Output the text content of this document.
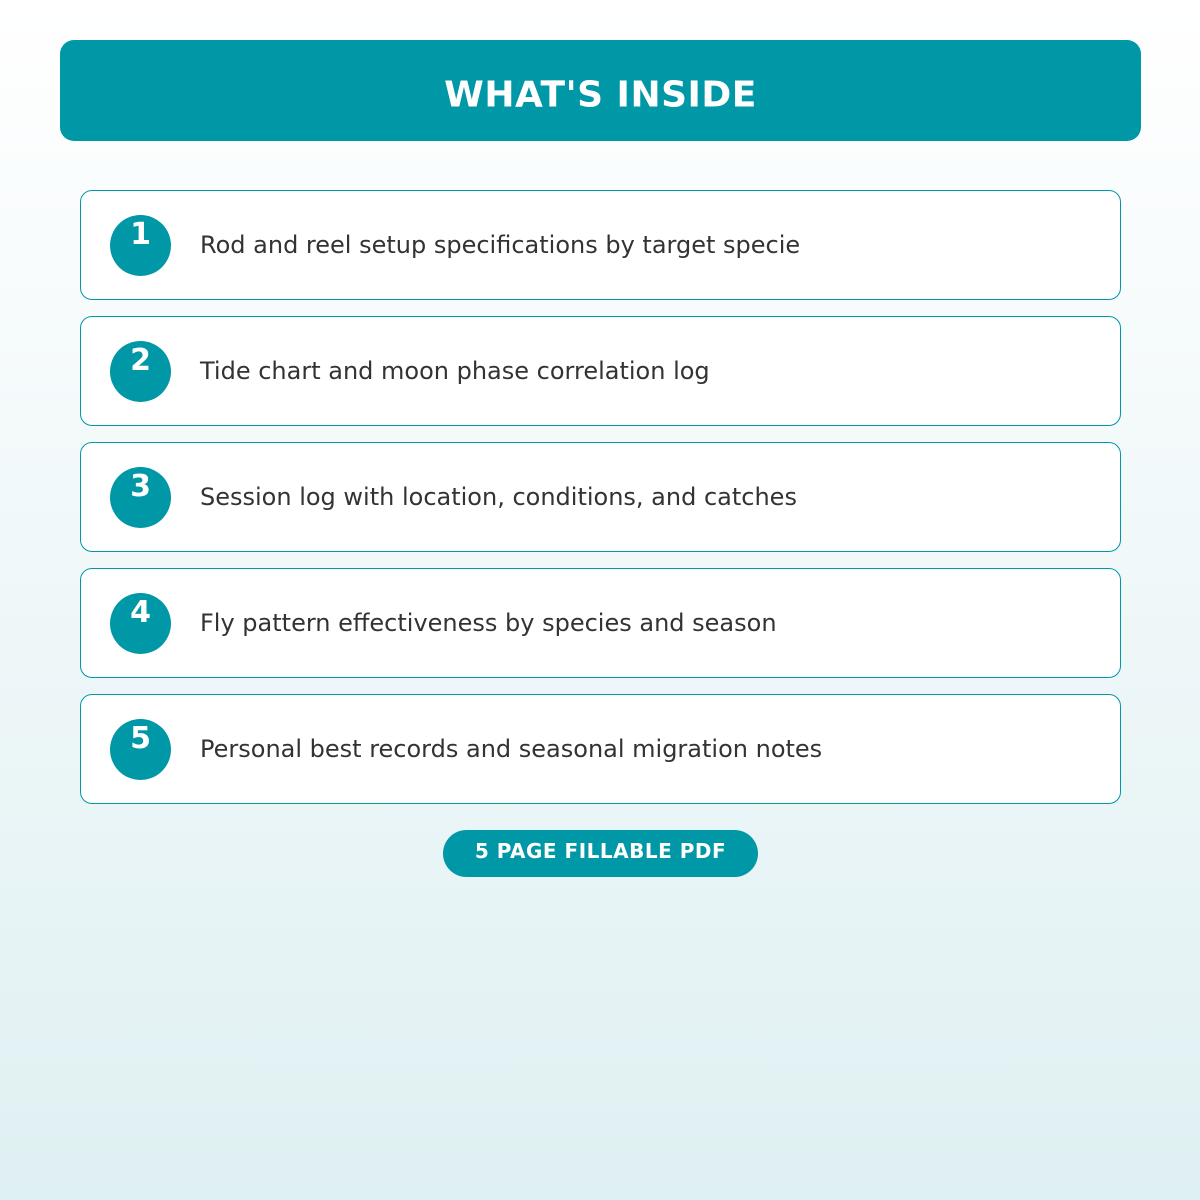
WHAT'S INSIDE
1	Rod and reel setup specifications by target specie
2	Tide chart and moon phase correlation log
3	Session log with location, conditions, and catches
4	Fly pattern effectiveness by species and season
5	Personal best records and seasonal migration notes
5 PAGE FILLABLE PDF
